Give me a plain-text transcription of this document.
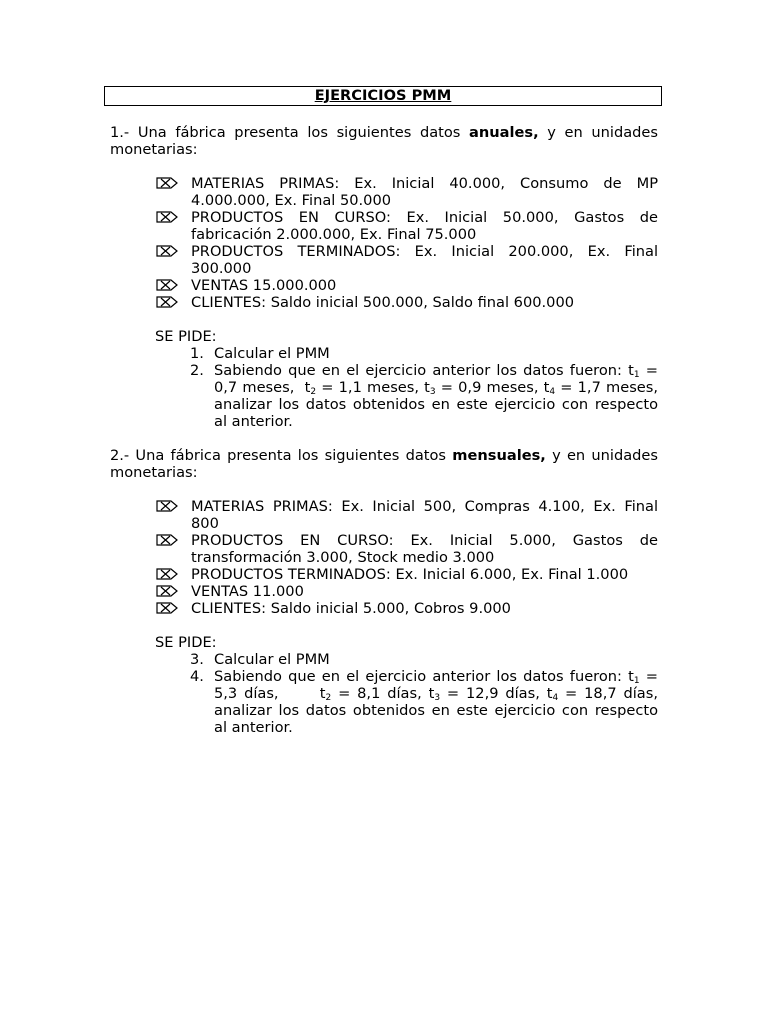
EJERCICIOS PMM

1.- Una fábrica presenta los siguientes datos anuales, y en unidades monetarias:

MATERIAS PRIMAS: Ex. Inicial 40.000, Consumo de MP 4.000.000, Ex. Final 50.000
PRODUCTOS EN CURSO: Ex. Inicial 50.000, Gastos de fabricación 2.000.000, Ex. Final 75.000
PRODUCTOS TERMINADOS: Ex. Inicial 200.000, Ex. Final 300.000
VENTAS 15.000.000
CLIENTES: Saldo inicial 500.000, Saldo final 600.000
SE PIDE:
1. Calcular el PMM
2. Sabiendo que en el ejercicio anterior los datos fueron: $t_1 = 0,7$ meses,  $t_2 = 1,1$ meses, $t_3 = 0,9$ meses, $t_4 = 1,7$ meses, analizar los datos obtenidos en este ejercicio con respecto al anterior.

2.- Una fábrica presenta los siguientes datos mensuales, y en unidades monetarias:

MATERIAS PRIMAS: Ex. Inicial 500, Compras 4.100, Ex. Final 800
PRODUCTOS EN CURSO: Ex. Inicial 5.000, Gastos de transformación 3.000, Stock medio 3.000
PRODUCTOS TERMINADOS: Ex. Inicial 6.000, Ex. Final 1.000
VENTAS 11.000
CLIENTES: Saldo inicial 5.000, Cobros 9.000
SE PIDE:
3. Calcular el PMM
4. Sabiendo que en el ejercicio anterior los datos fueron: $t_1 = 5,3$ días,      $t_2 = 8,1$ días, $t_3 = 12,9$ días, $t_4 = 18,7$ días, analizar los datos obtenidos en este ejercicio con respecto al anterior.
